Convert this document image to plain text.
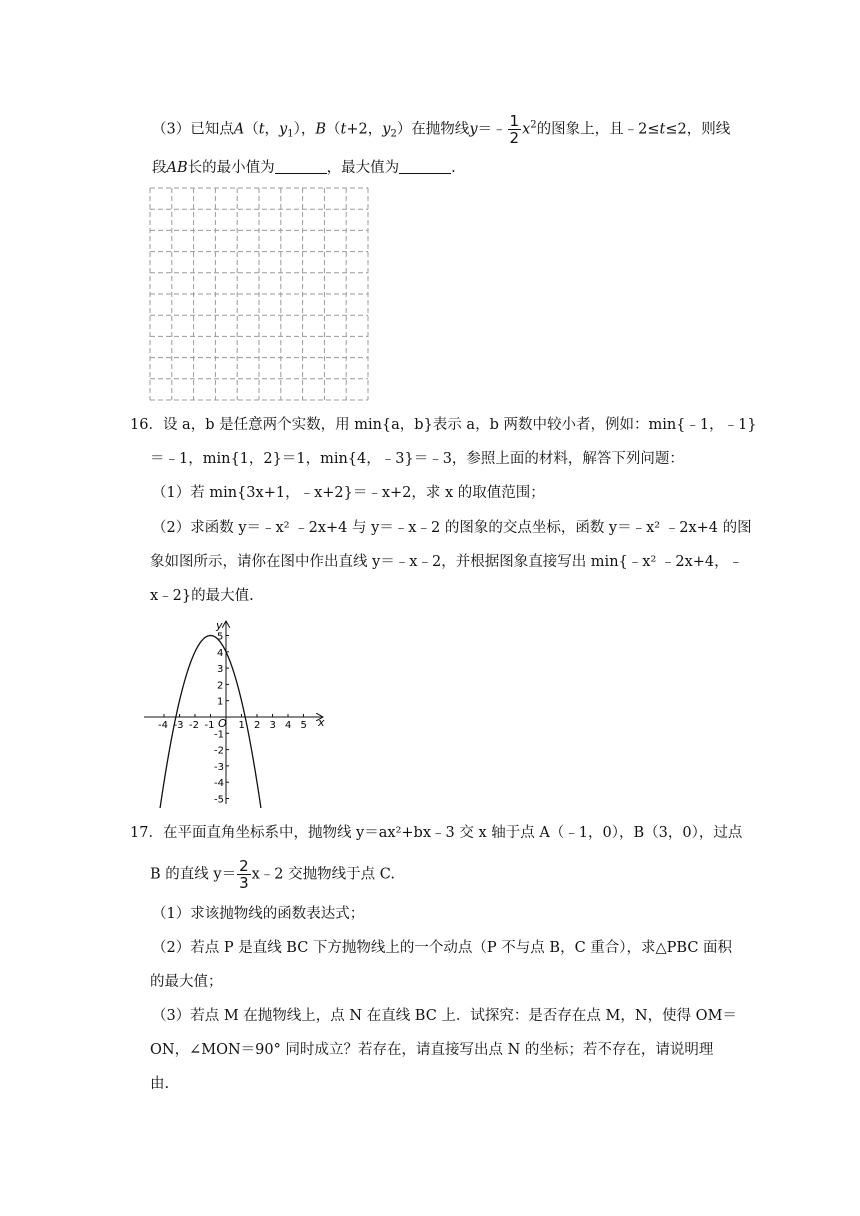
（3）已知点A（t，$y_1$），B（t+2，$y_2$）在抛物线y＝﹣ $\frac{1}{2} x^2$的图象上，且﹣2≤t≤2，则线
段AB长的最小值为	，最大值为	.
16．设 a，b 是任意两个实数，用 min{a，b}表示 a，b 两数中较小者，例如：min{﹣1，﹣1}
＝﹣1，min{1，2}＝1，min{4，﹣3}＝﹣3，参照上面的材料，解答下列问题：
（1）若 min{3x+1，﹣x+2}＝﹣x+2，求 x 的取值范围；
（2）求函数 y＝﹣x² ﹣2x+4 与 y＝﹣x﹣2 的图象的交点坐标，函数 y＝﹣x² ﹣2x+4 的图
象如图所示，请你在图中作出直线 y＝﹣x﹣2，并根据图象直接写出 min{﹣x² ﹣2x+4，﹣
x﹣2}的最大值.
x
y
O
-4 -3 -2 -1 1 2 3 4 5
5
4
3
2
1
-1
-2
-3
-4
-5
17．在平面直角坐标系中，抛物线 y＝ax²+bx﹣3 交 x 轴于点 A（﹣1，0），B（3，0），过点
B 的直线 $y= \frac{2}{3}$ x﹣2 交抛物线于点 C.
（1）求该抛物线的函数表达式；
（2）若点 P 是直线 BC 下方抛物线上的一个动点（P 不与点 B，C 重合），求△PBC 面积
的最大值；
（3）若点 M 在抛物线上，点 N 在直线 BC 上．试探究：是否存在点 M，N，使得 OM＝
ON，∠MON＝90° 同时成立？若存在，请直接写出点 N 的坐标；若不存在，请说明理
由.
